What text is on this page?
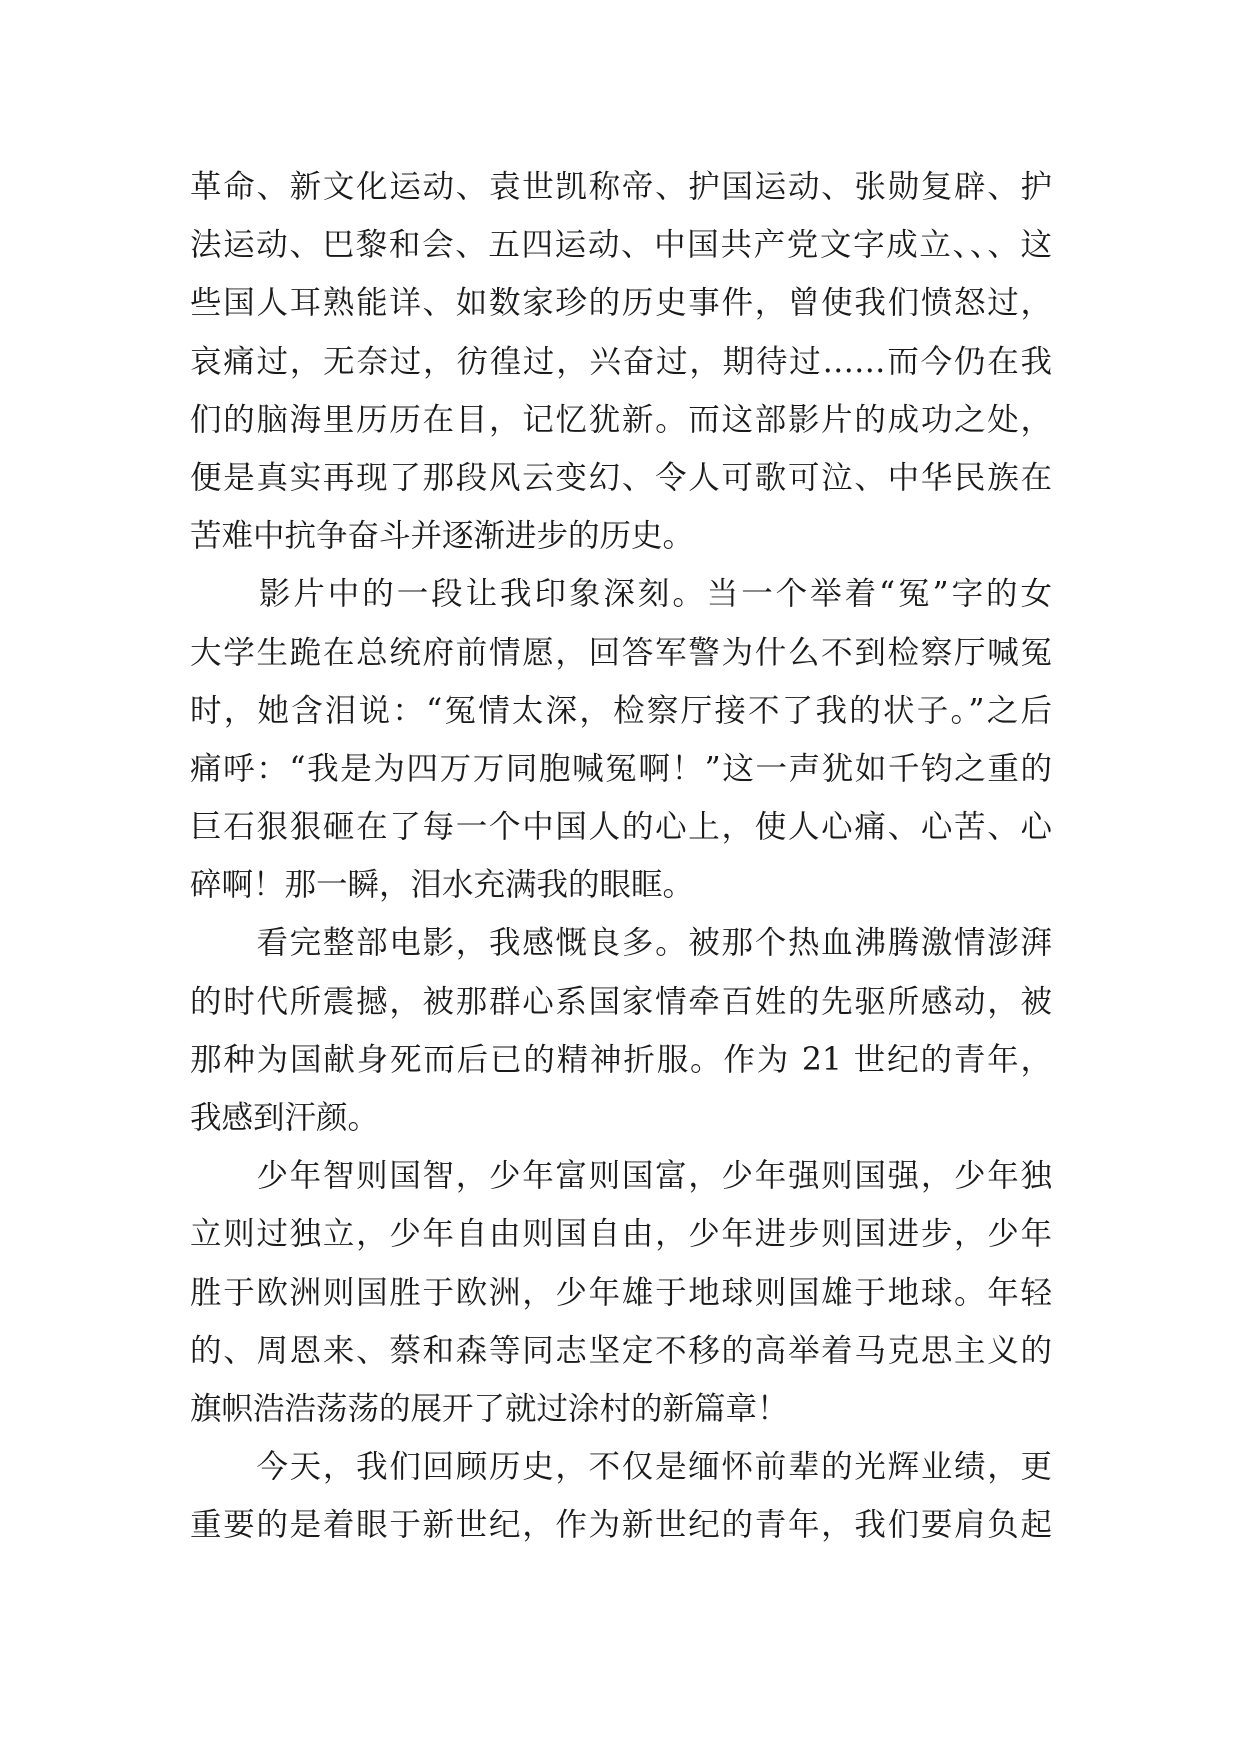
革命、新文化运动、袁世凯称帝、护国运动、张勋复辟、护
法运动、巴黎和会、五四运动、中国共产党文字成立、、、这
些国人耳熟能详、如数家珍的历史事件，曾使我们愤怒过，
哀痛过，无奈过，彷徨过，兴奋过，期待过……而今仍在我
们的脑海里历历在目，记忆犹新。而这部影片的成功之处，
便是真实再现了那段风云变幻、令人可歌可泣、中华民族在
苦难中抗争奋斗并逐渐进步的历史。
　　影片中的一段让我印象深刻。当一个举着“冤”字的女
大学生跪在总统府前情愿，回答军警为什么不到检察厅喊冤
时，她含泪说：“冤情太深，检察厅接不了我的状子。”之后
痛呼：“我是为四万万同胞喊冤啊！”这一声犹如千钧之重的
巨石狠狠砸在了每一个中国人的心上，使人心痛、心苦、心
碎啊！那一瞬，泪水充满我的眼眶。
　　看完整部电影，我感慨良多。被那个热血沸腾激情澎湃
的时代所震撼，被那群心系国家情牵百姓的先驱所感动，被
那种为国献身死而后已的精神折服。作为 21 世纪的青年，
我感到汗颜。
　　少年智则国智，少年富则国富，少年强则国强，少年独
立则过独立，少年自由则国自由，少年进步则国进步，少年
胜于欧洲则国胜于欧洲，少年雄于地球则国雄于地球。年轻
的、周恩来、蔡和森等同志坚定不移的高举着马克思主义的
旗帜浩浩荡荡的展开了就过涂村的新篇章！
　　今天，我们回顾历史，不仅是缅怀前辈的光辉业绩，更
重要的是着眼于新世纪，作为新世纪的青年，我们要肩负起
